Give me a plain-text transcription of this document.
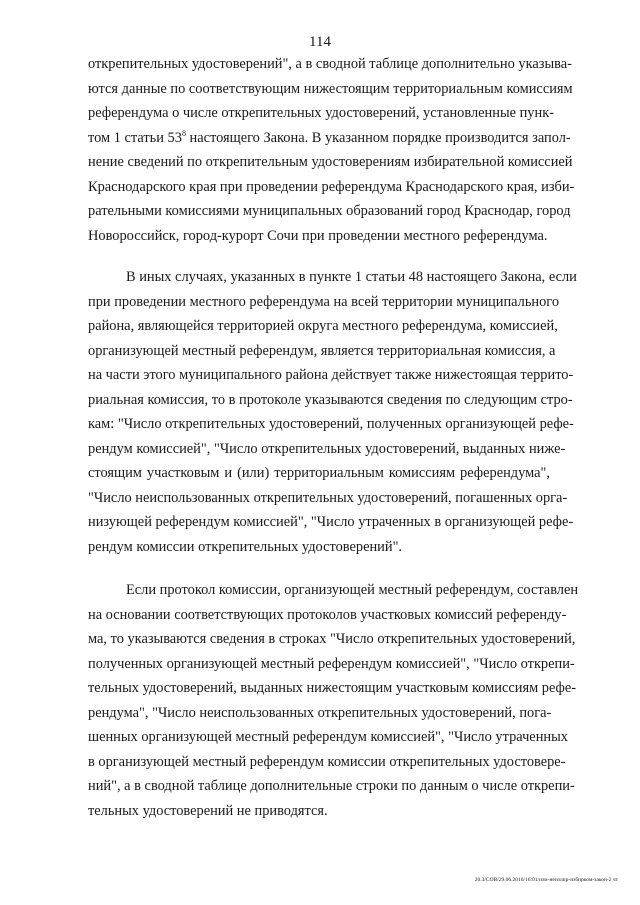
114
открепительных удостоверений", а в сводной таблице дополнительно указыва-
ются данные по соответствующим нижестоящим территориальным комиссиям
референдума о числе открепительных удостоверений, установленные пунк-
том 1 статьи $53^8$ настоящего Закона. В указанном порядке производится запол-
нение сведений по открепительным удостоверениям избирательной комиссией
Краснодарского края при проведении референдума Краснодарского края, изби-
рательными комиссиями муниципальных образований город Краснодар, город
Новороссийск, город-курорт Сочи при проведении местного референдума.
В иных случаях, указанных в пункте 1 статьи 48 настоящего Закона, если
при проведении местного референдума на всей территории муниципального
района, являющейся территорией округа местного референдума, комиссией,
организующей местный референдум, является территориальная комиссия, а
на части этого муниципального района действует также нижестоящая террито-
риальная комиссия, то в протоколе указываются сведения по следующим стро-
кам: "Число открепительных удостоверений, полученных организующей рефе-
рендум комиссией", "Число открепительных удостоверений, выданных ниже-
стоящим участковым и (или) территориальным комиссиям референдума",
"Число неиспользованных открепительных удостоверений, погашенных орга-
низующей референдум комиссией", "Число утраченных в организующей рефе-
рендум комиссии открепительных удостоверений".
Если протокол комиссии, организующей местный референдум, составлен
на основании соответствующих протоколов участковых комиссий референду-
ма, то указываются сведения в строках "Число открепительных удостоверений,
полученных организующей местный референдум комиссией", "Число открепи-
тельных удостоверений, выданных нижестоящим участковым комиссиям рефе-
рендума", "Число неиспользованных открепительных удостоверений, пога-
шенных организующей местный референдум комиссией", "Число утраченных
в организующей местный референдум комиссии открепительных удостовере-
ний", а в сводной таблице дополнительные строки по данным о числе открепи-
тельных удостоверений не приводятся.
20.3/СОВ/29.06.2016/16:01/изм-неизлпр-избирком-закон-2 чт
